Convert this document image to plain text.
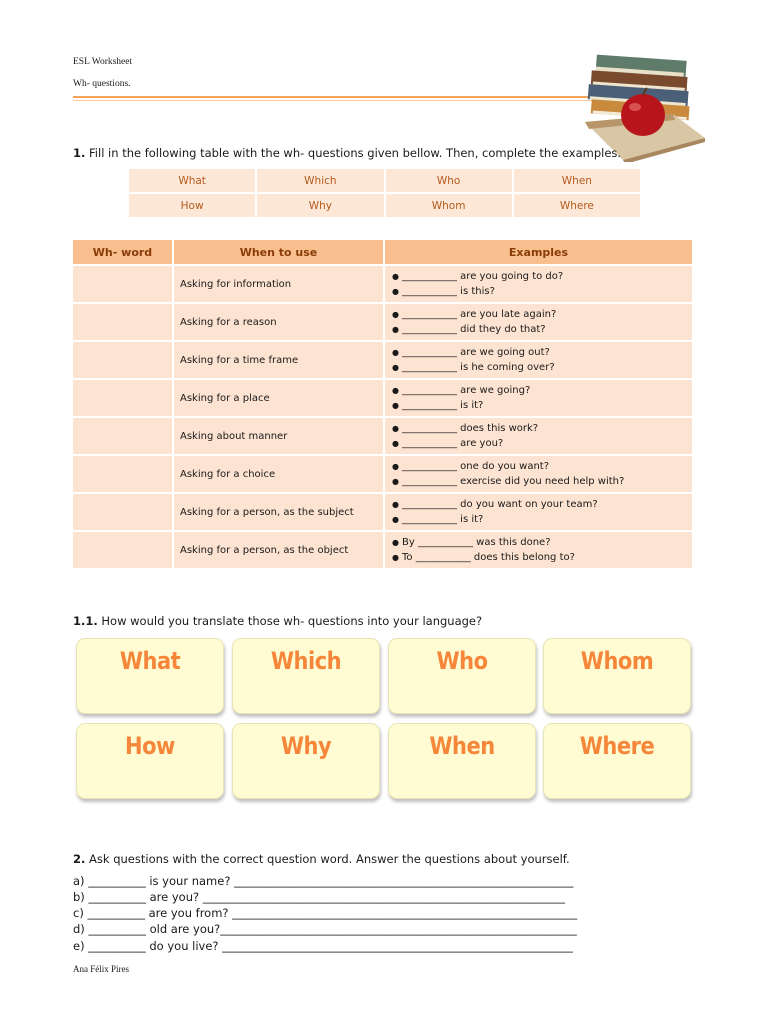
ESL Worksheet
Wh- questions.
1. Fill in the following table with the wh- questions given bellow. Then, complete the examples.
What	Which	Who	When
How	Why	Whom	Where
Wh- word	When to use	Examples
	Asking for information	● ___________ are you going to do?
● ___________ is this?

	Asking for a reason	● ___________ are you late again?
● ___________ did they do that?

	Asking for a time frame	● ___________ are we going out?
● ___________ is he coming over?

	Asking for a place	● ___________ are we going?
● ___________ is it?

	Asking about manner	● ___________ does this work?
● ___________ are you?

	Asking for a choice	● ___________ one do you want?
● ___________ exercise did you need help with?

	Asking for a person, as the subject	● ___________ do you want on your team?
● ___________ is it?

	Asking for a person, as the object	● By ___________ was this done?
● To ___________ does this belong to?
1.1. How would you translate those wh- questions into your language?
What	Which	Who	Whom
How	Why	When	Where
2. Ask questions with the correct question word. Answer the questions about yourself.
a) __________ is your name? ___________________________________________________________
b) __________ are you? _______________________________________________________________
c) __________ are you from? ____________________________________________________________
d) __________ old are you?______________________________________________________________
e) __________ do you live? _____________________________________________________________
Ana Félix Pires
